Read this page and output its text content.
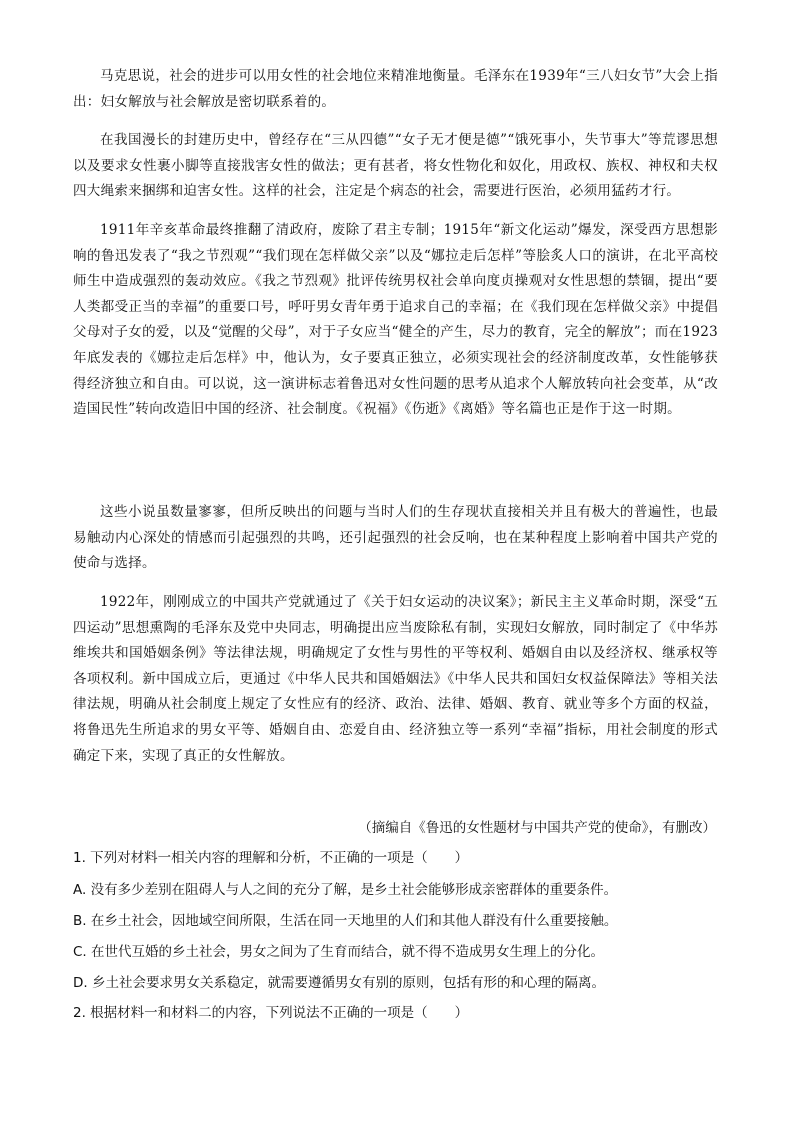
马克思说，社会的进步可以用女性的社会地位来精准地衡量。毛泽东在1939年“三八妇女节”大会上指出：妇女解放与社会解放是密切联系着的。

在我国漫长的封建历史中，曾经存在“三从四德”“女子无才便是德”“饿死事小，失节事大”等荒谬思想以及要求女性裹小脚等直接戕害女性的做法；更有甚者，将女性物化和奴化，用政权、族权、神权和夫权四大绳索来捆绑和迫害女性。这样的社会，注定是个病态的社会，需要进行医治，必须用猛药才行。

1911年辛亥革命最终推翻了清政府，废除了君主专制；1915年“新文化运动”爆发，深受西方思想影响的鲁迅发表了“我之节烈观”“我们现在怎样做父亲”以及“娜拉走后怎样”等脍炙人口的演讲，在北平高校师生中造成强烈的轰动效应。《我之节烈观》批评传统男权社会单向度贞操观对女性思想的禁锢，提出“要人类都受正当的幸福”的重要口号，呼吁男女青年勇于追求自己的幸福；在《我们现在怎样做父亲》中提倡父母对子女的爱，以及“觉醒的父母”，对于子女应当“健全的产生，尽力的教育，完全的解放”；而在1923年底发表的《娜拉走后怎样》中，他认为，女子要真正独立，必须实现社会的经济制度改革，女性能够获得经济独立和自由。可以说，这一演讲标志着鲁迅对女性问题的思考从追求个人解放转向社会变革，从“改造国民性”转向改造旧中国的经济、社会制度。《祝福》《伤逝》《离婚》等名篇也正是作于这一时期。

这些小说虽数量寥寥，但所反映出的问题与当时人们的生存现状直接相关并且有极大的普遍性，也最易触动内心深处的情感而引起强烈的共鸣，还引起强烈的社会反响，也在某种程度上影响着中国共产党的使命与选择。

1922年，刚刚成立的中国共产党就通过了《关于妇女运动的决议案》；新民主主义革命时期，深受“五四运动”思想熏陶的毛泽东及党中央同志，明确提出应当废除私有制，实现妇女解放，同时制定了《中华苏维埃共和国婚姻条例》等法律法规，明确规定了女性与男性的平等权利、婚姻自由以及经济权、继承权等各项权利。新中国成立后，更通过《中华人民共和国婚姻法》《中华人民共和国妇女权益保障法》等相关法律法规，明确从社会制度上规定了女性应有的经济、政治、法律、婚姻、教育、就业等多个方面的权益，将鲁迅先生所追求的男女平等、婚姻自由、恋爱自由、经济独立等一系列“幸福”指标，用社会制度的形式确定下来，实现了真正的女性解放。

（摘编自《鲁迅的女性题材与中国共产党的使命》，有删改）
1. 下列对材料一相关内容的理解和分析，不正确的一项是（　　）
A. 没有多少差别在阻碍人与人之间的充分了解，是乡土社会能够形成亲密群体的重要条件。
B. 在乡土社会，因地域空间所限，生活在同一天地里的人们和其他人群没有什么重要接触。
C. 在世代互婚的乡土社会，男女之间为了生育而结合，就不得不造成男女生理上的分化。
D. 乡土社会要求男女关系稳定，就需要遵循男女有别的原则，包括有形的和心理的隔离。
2. 根据材料一和材料二的内容，下列说法不正确的一项是（　　）
